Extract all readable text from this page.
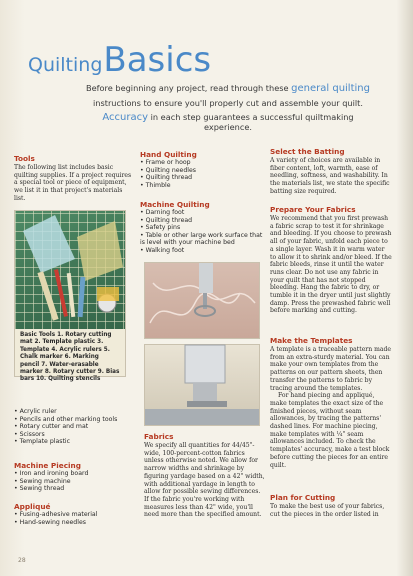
QuiltingBasics
Before beginning any project, read through these general quilting
instructions to ensure you'll properly cut and assemble your quilt.
Accuracy in each step guarantees a successful quiltmaking experience.
Tools
The following list includes basic quilting supplies. If a project requires a special tool or piece of equipment, we list it in that project's materials list.
Basic Tools 1. Rotary cutting mat 2. Template plastic 3. Template 4. Acrylic rulers 5. Chalk marker 6. Marking pencil 7. Water-erasable marker 8. Rotary cutter 9. Bias bars 10. Quilting stencils
• Acrylic ruler
• Pencils and other marking tools
• Rotary cutter and mat
• Scissors
• Template plastic
Machine Piecing
• Iron and ironing board
• Sewing machine
• Sewing thread
Appliqué
• Fusing-adhesive material
• Hand-sewing needles
Hand Quilting
• Frame or hoop
• Quilting needles
• Quilting thread
• Thimble
Machine Quilting
• Darning foot
• Quilting thread
• Safety pins
• Table or other large work surface that is level with your machine bed
• Walking foot
Fabrics
We specify all quantities for 44/45"-wide, 100-percent-cotton fabrics unless otherwise noted. We allow for narrow widths and shrinkage by figuring yardage based on a 42" width, with additional yardage in length to allow for possible sewing differences. If the fabric you're working with measures less than 42" wide, you'll need more than the specified amount.
Select the Batting
A variety of choices are available in fiber content, loft, warmth, ease of needling, softness, and washability. In the materials list, we state the specific batting size required.
Prepare Your Fabrics
We recommend that you first prewash a fabric scrap to test it for shrinkage and bleeding. If you choose to prewash all of your fabric, unfold each piece to a single layer. Wash it in warm water to allow it to shrink and/or bleed. If the fabric bleeds, rinse it until the water runs clear. Do not use any fabric in your quilt that has not stopped bleeding. Hang the fabric to dry, or tumble it in the dryer until just slightly damp. Press the prewashed fabric well before marking and cutting.
Make the Templates
A template is a traceable pattern made from an extra-sturdy material. You can make your own templates from the patterns on our pattern sheets, then transfer the patterns to fabric by tracing around the templates.
For hand piecing and appliqué, make templates the exact size of the finished pieces, without seam allowances, by tracing the patterns' dashed lines. For machine piecing, make templates with ¼" seam allowances included. To check the templates' accuracy, make a test block before cutting the pieces for an entire quilt.
Plan for Cutting
To make the best use of your fabrics, cut the pieces in the order listed in
28
